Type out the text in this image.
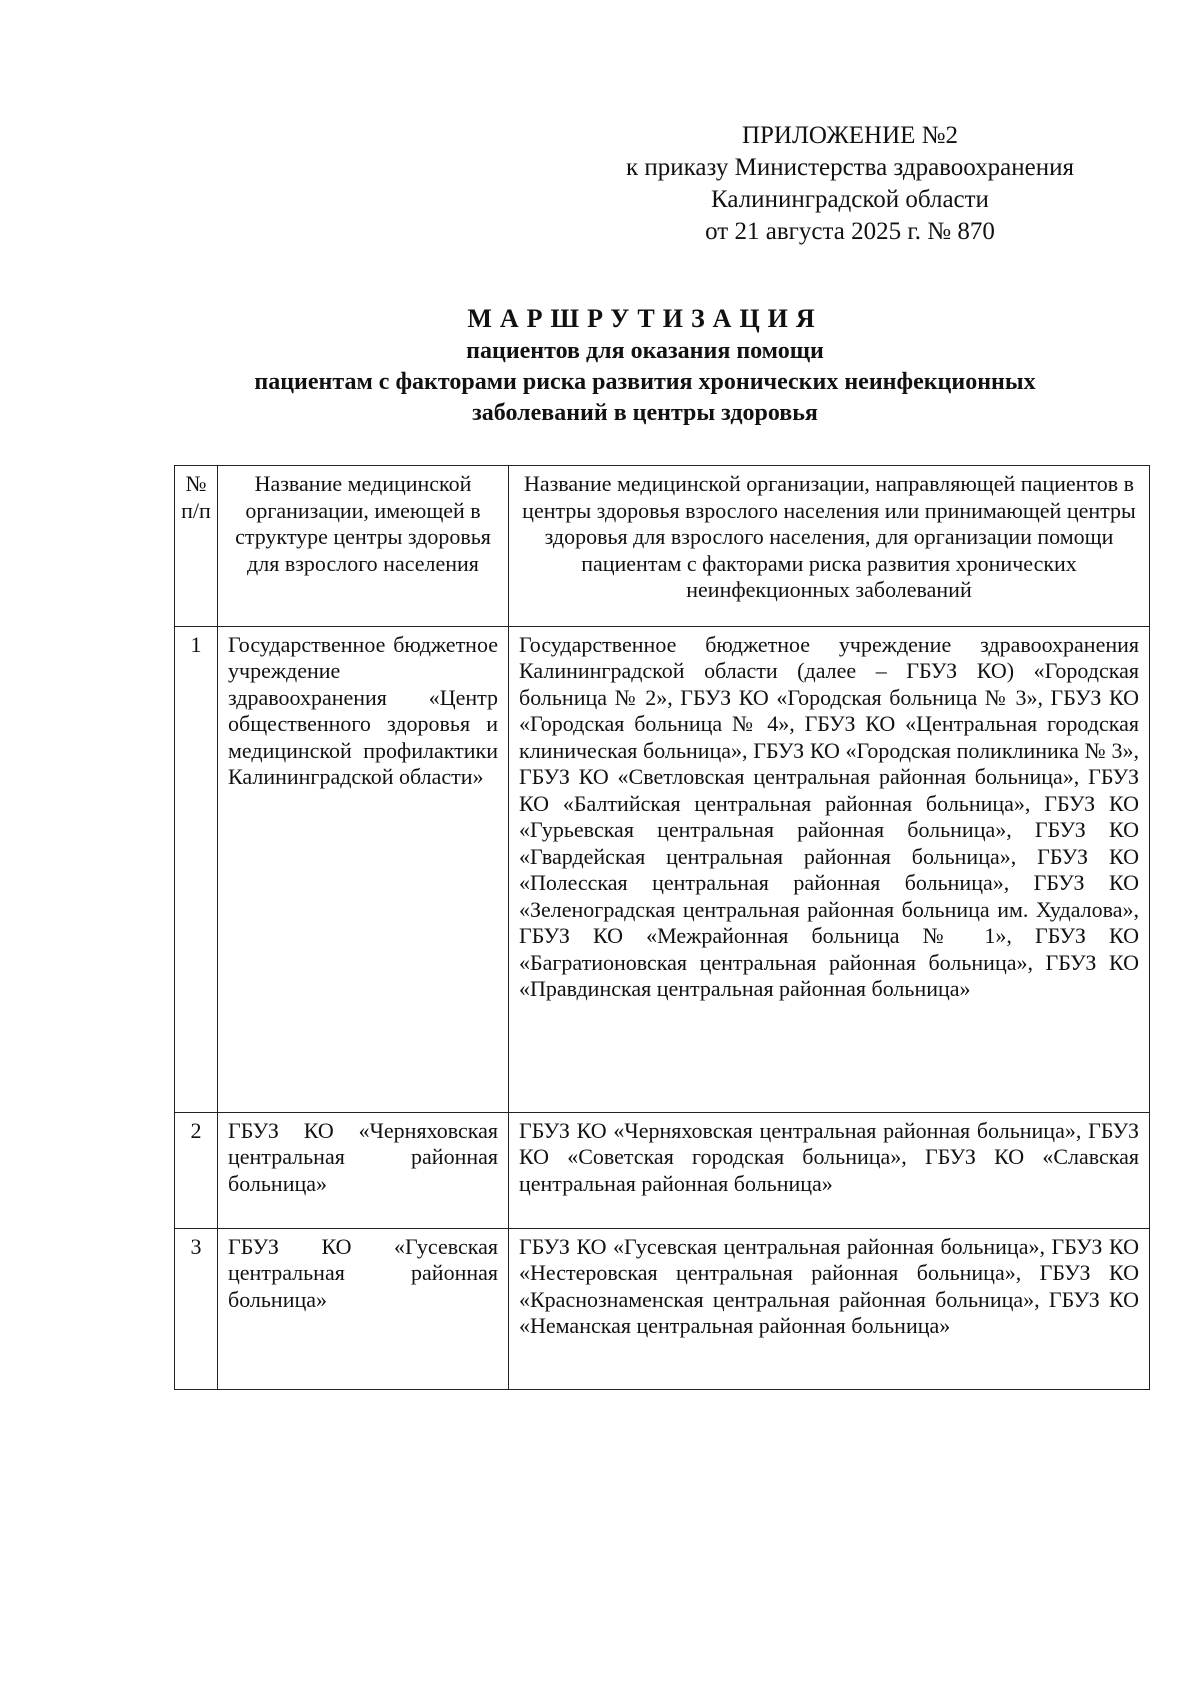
ПРИЛОЖЕНИЕ №2
к приказу Министерства здравоохранения
Калининградской области
от 21 августа 2025 г. № 870
МАРШРУТИЗАЦИЯ
пациентов для оказания помощи
пациентам с факторами риска развития хронических неинфекционных
заболеваний в центры здоровья
№ п/п	Название медицинской организации, имеющей в структуре центры здоровья для взрослого населения	Название медицинской организации, направляющей пациентов в центры здоровья взрослого населения или принимающей центры здоровья для взрослого населения, для организации помощи пациентам с факторами риска развития хронических неинфекционных заболеваний
1	Государственное бюджетное учреждение здравоохранения «Центр общественного здоровья и медицинской профилактики Калининградской области»	Государственное бюджетное учреждение здравоохранения Калининградской области (далее – ГБУЗ КО) «Городская больница № 2», ГБУЗ КО «Городская больница № 3», ГБУЗ КО «Городская больница № 4», ГБУЗ КО «Центральная городская клиническая больница», ГБУЗ КО «Городская поликлиника № 3», ГБУЗ КО «Светловская центральная районная больница», ГБУЗ КО «Балтийская центральная районная больница», ГБУЗ КО «Гурьевская центральная районная больница», ГБУЗ КО «Гвардейская центральная районная больница», ГБУЗ КО «Полесская центральная районная больница», ГБУЗ КО «Зеленоградская центральная районная больница им. Худалова», ГБУЗ КО «Межрайонная больница № 1», ГБУЗ КО «Багратионовская центральная районная больница», ГБУЗ КО «Правдинская центральная районная больница»
2	ГБУЗ КО «Черняховская центральная районная больница»	ГБУЗ КО «Черняховская центральная районная больница», ГБУЗ КО «Советская городская больница», ГБУЗ КО «Славская центральная районная больница»
3	ГБУЗ КО «Гусевская центральная районная больница»	ГБУЗ КО «Гусевская центральная районная больница», ГБУЗ КО «Нестеровская центральная районная больница», ГБУЗ КО «Краснознаменская центральная районная больница», ГБУЗ КО «Неманская центральная районная больница»
